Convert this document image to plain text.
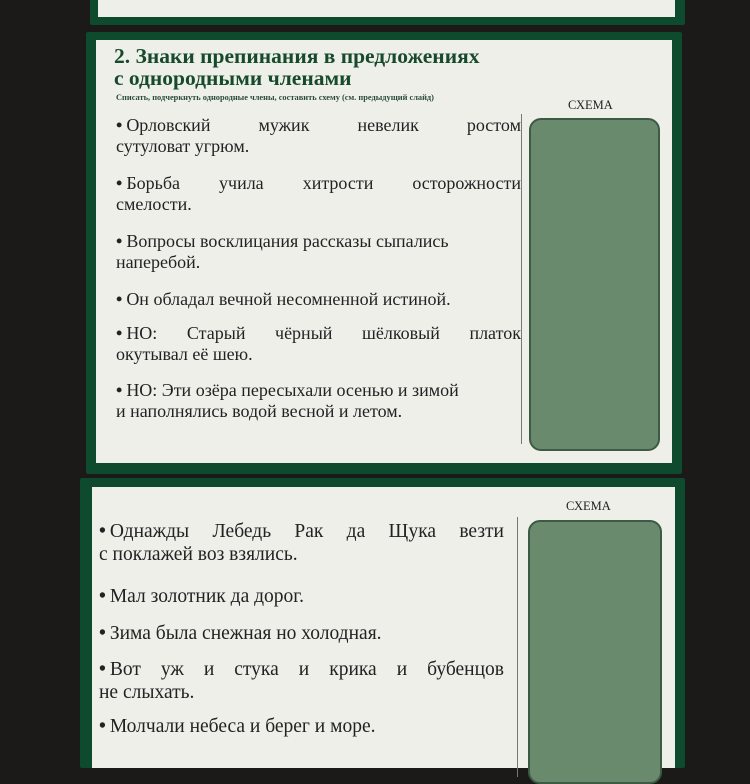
2. Знаки препинания в предложениях
с однородными членами
Списать, подчеркнуть однородные члены, составить схему (см. предыдущий слайд)
СХЕМА
• Орловский	мужик	невелик	ростом
сутуловат угрюм.
• Борьба учила хитрости осторожности
смелости.
• Вопросы восклицания рассказы сыпались
наперебой.
• Он обладал вечной несомненной истиной.
• НО: Старый чёрный шёлковый платок
окутывал её шею.
• НО: Эти озёра пересыхали осенью и зимой
и наполнялись водой весной и летом.
СХЕМА
• Однажды Лебедь Рак да Щука везти
с поклажей воз взялись.
• Мал золотник да дорог.
• Зима была снежная но холодная.
• Вот уж и стука и крика и бубенцов
не слыхать.
• Молчали небеса и берег и море.
